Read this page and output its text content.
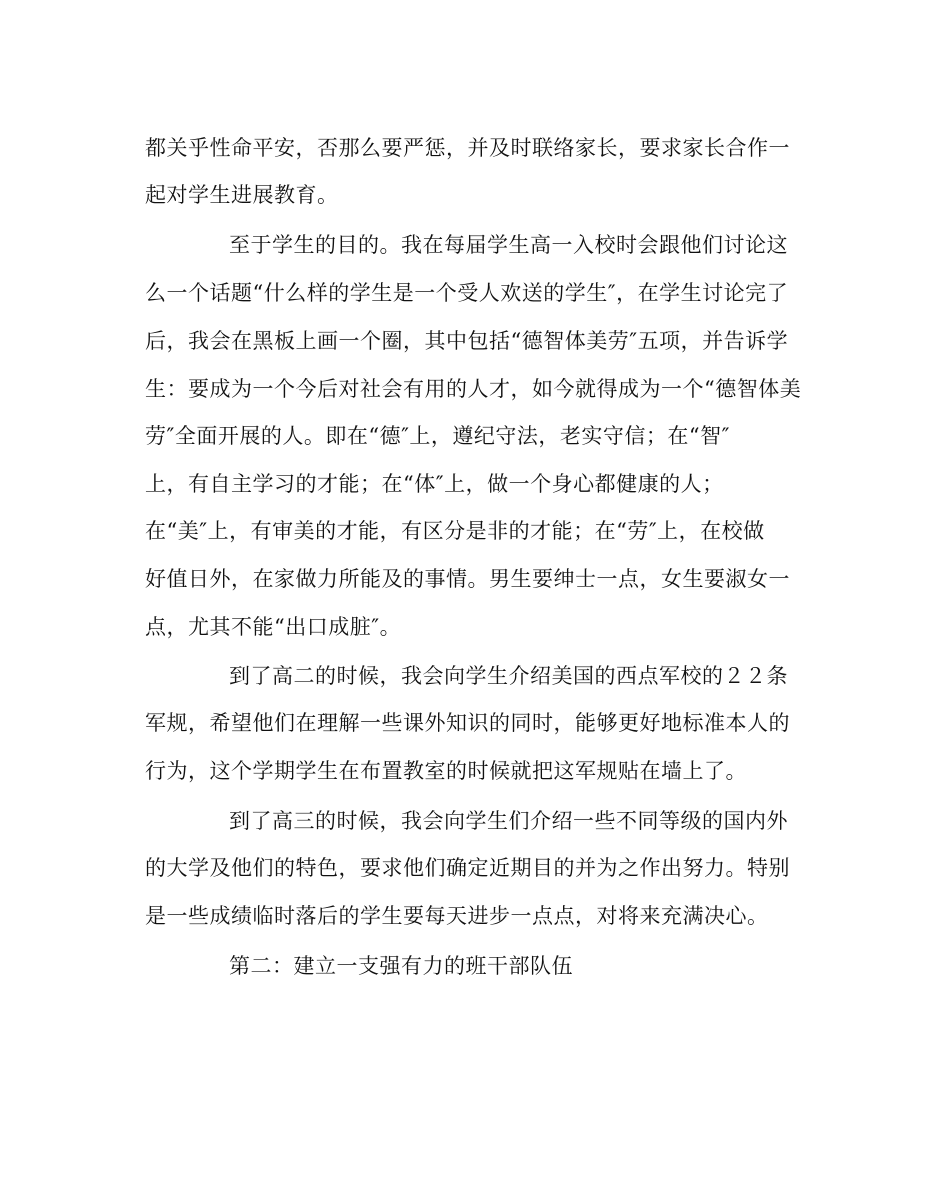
都关乎性命平安，否那么要严惩，并及时联络家长，要求家长合作一
起对学生进展教育。
至于学生的目的。我在每届学生高一入校时会跟他们讨论这
么一个话题“什么样的学生是一个受人欢送的学生″，在学生讨论完了
后，我会在黑板上画一个圈，其中包括“德智体美劳″五项，并告诉学
生：要成为一个今后对社会有用的人才，如今就得成为一个“德智体美
劳″全面开展的人。即在“德″上，遵纪守法，老实守信；在“智″
上，有自主学习的才能；在“体″上，做一个身心都健康的人；
在“美″上，有审美的才能，有区分是非的才能；在“劳″上，在校做
好值日外，在家做力所能及的事情。男生要绅士一点，女生要淑女一
点，尤其不能“出口成脏″。
到了高二的时候，我会向学生介绍美国的西点军校的２２条
军规，希望他们在理解一些课外知识的同时，能够更好地标准本人的
行为，这个学期学生在布置教室的时候就把这军规贴在墙上了。
到了高三的时候，我会向学生们介绍一些不同等级的国内外
的大学及他们的特色，要求他们确定近期目的并为之作出努力。特别
是一些成绩临时落后的学生要每天进步一点点，对将来充满决心。
第二：建立一支强有力的班干部队伍
